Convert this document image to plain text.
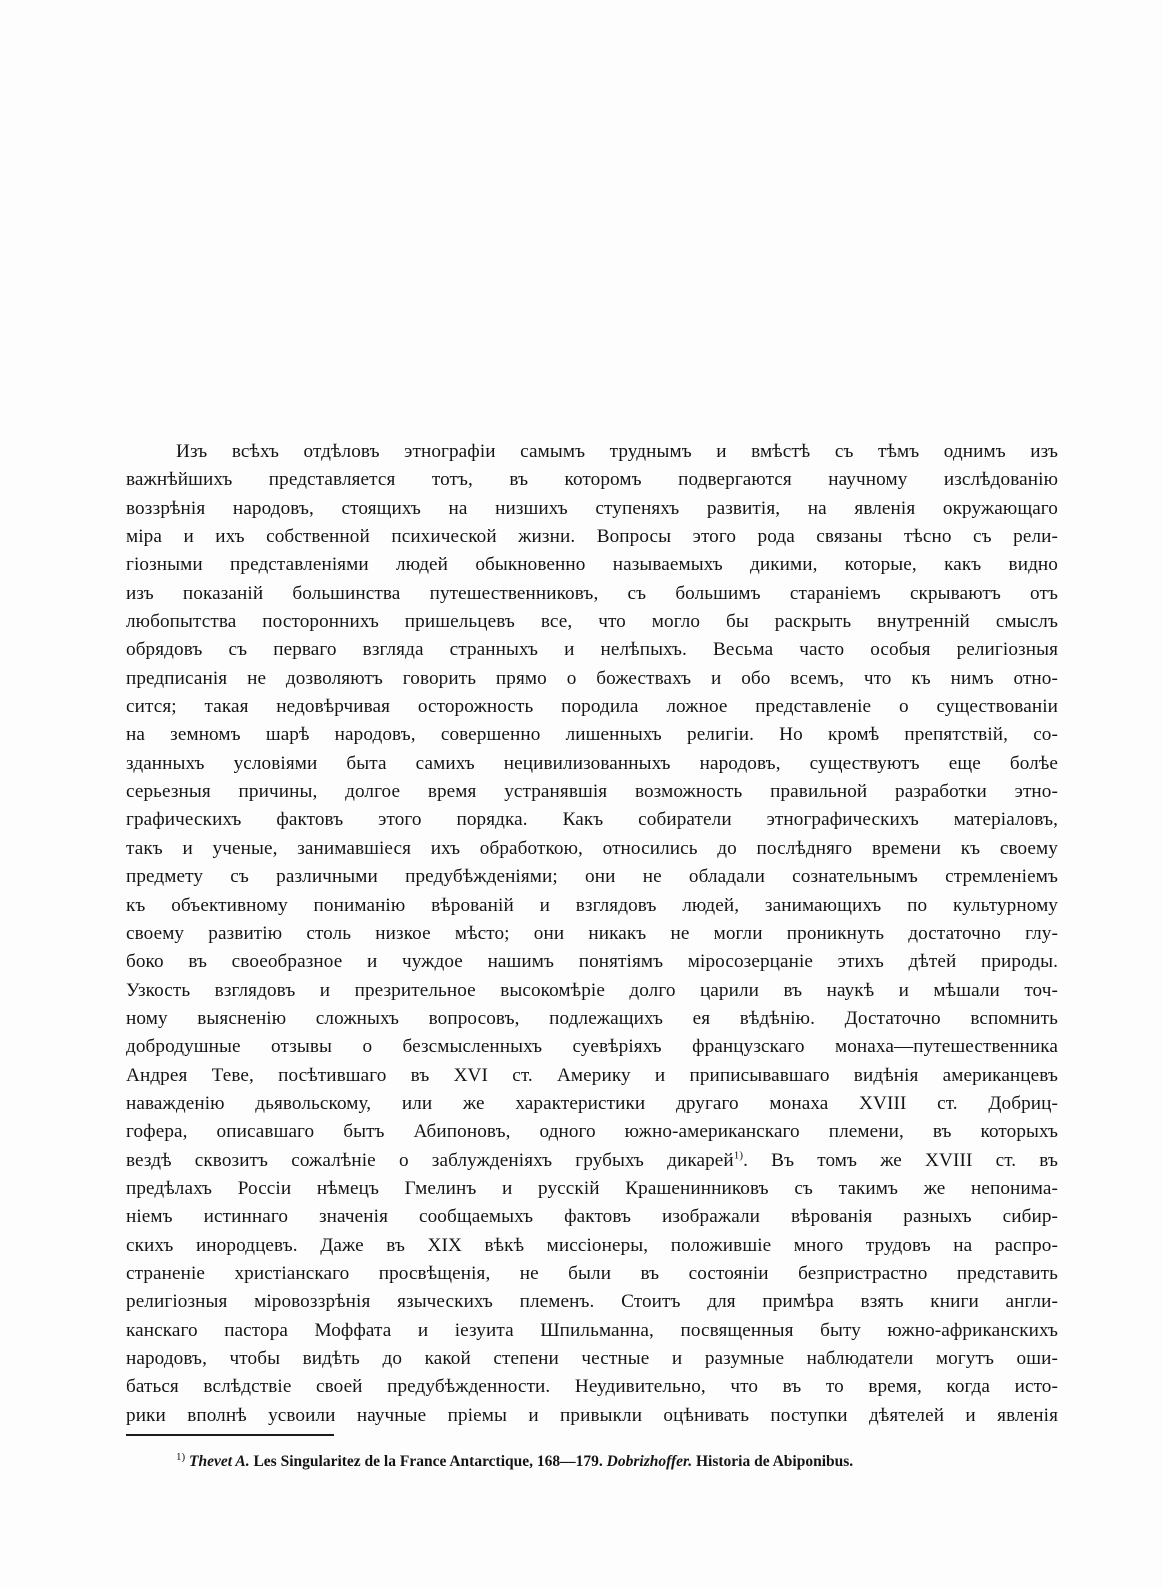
Изъ всѣхъ отдѣловъ этнографіи самымъ труднымъ и вмѣстѣ съ тѣмъ однимъ изъ
важнѣйшихъ представляется тотъ, въ которомъ подвергаются научному изслѣдованію
воззрѣнія народовъ, стоящихъ на низшихъ ступеняхъ развитія, на явленія окружающаго
міра и ихъ собственной психической жизни. Вопросы этого рода связаны тѣсно съ рели-
гіозными представленіями людей обыкновенно называемыхъ дикими, которые, какъ видно
изъ показаній большинства путешественниковъ, съ большимъ стараніемъ скрываютъ отъ
любопытства постороннихъ пришельцевъ все, что могло бы раскрыть внутренній смыслъ
обрядовъ съ перваго взгляда странныхъ и нелѣпыхъ. Весьма часто особыя религіозныя
предписанія не дозволяютъ говорить прямо о божествахъ и обо всемъ, что къ нимъ отно-
сится; такая недовѣрчивая осторожность породила ложное представленіе о существованіи
на земномъ шарѣ народовъ, совершенно лишенныхъ религіи. Но кромѣ препятствій, со-
зданныхъ условіями быта самихъ нецивилизованныхъ народовъ, существуютъ еще болѣе
серьезныя причины, долгое время устранявшія возможность правильной разработки этно-
графическихъ фактовъ этого порядка. Какъ собиратели этнографическихъ матеріаловъ,
такъ и ученые, занимавшіеся ихъ обработкою, относились до послѣдняго времени къ своему
предмету съ различными предубѣжденіями; они не обладали сознательнымъ стремленіемъ
къ объективному пониманію вѣрованій и взглядовъ людей, занимающихъ по культурному
своему развитію столь низкое мѣсто; они никакъ не могли проникнуть достаточно глу-
боко въ своеобразное и чуждое нашимъ понятіямъ міросозерцаніе этихъ дѣтей природы.
Узкость взглядовъ и презрительное высокомѣріе долго царили въ наукѣ и мѣшали точ-
ному выясненію сложныхъ вопросовъ, подлежащихъ ея вѣдѣнію. Достаточно вспомнить
добродушные отзывы о безсмысленныхъ суевѣріяхъ французскаго монаха—путешественника
Андрея Теве, посѣтившаго въ XVI ст. Америку и приписывавшаго видѣнія американцевъ
наважденію дьявольскому, или же характеристики другаго монаха XVIII ст. Добриц-
гофера, описавшаго бытъ Абипоновъ, одного южно-американскаго племени, въ которыхъ
вездѣ сквозитъ сожалѣніе о заблужденіяхъ грубыхъ дикарей$^{1)}$. Въ томъ же XVIII ст. въ
предѣлахъ Россіи нѣмецъ Гмелинъ и русскій Крашенинниковъ съ такимъ же непонима-
ніемъ истиннаго значенія сообщаемыхъ фактовъ изображали вѣрованія разныхъ сибир-
скихъ инородцевъ. Даже въ XIX вѣкѣ миссіонеры, положившіе много трудовъ на распро-
страненіе христіанскаго просвѣщенія, не были въ состояніи безпристрастно представить
религіозныя міровоззрѣнія языческихъ племенъ. Стоитъ для примѣра взять книги англи-
канскаго пастора Моффата и іезуита Шпильманна, посвященныя быту южно-африканскихъ
народовъ, чтобы видѣть до какой степени честные и разумные наблюдатели могутъ оши-
баться вслѣдствіе своей предубѣжденности. Неудивительно, что въ то время, когда исто-
рики вполнѣ усвоили научные пріемы и привыкли оцѣнивать поступки дѣятелей и явленія
$^{1)}$ Thevet A. Les Singularitez de la France Antarctique, 168—179. Dobrizhoffer. Historia de Abiponibus.
